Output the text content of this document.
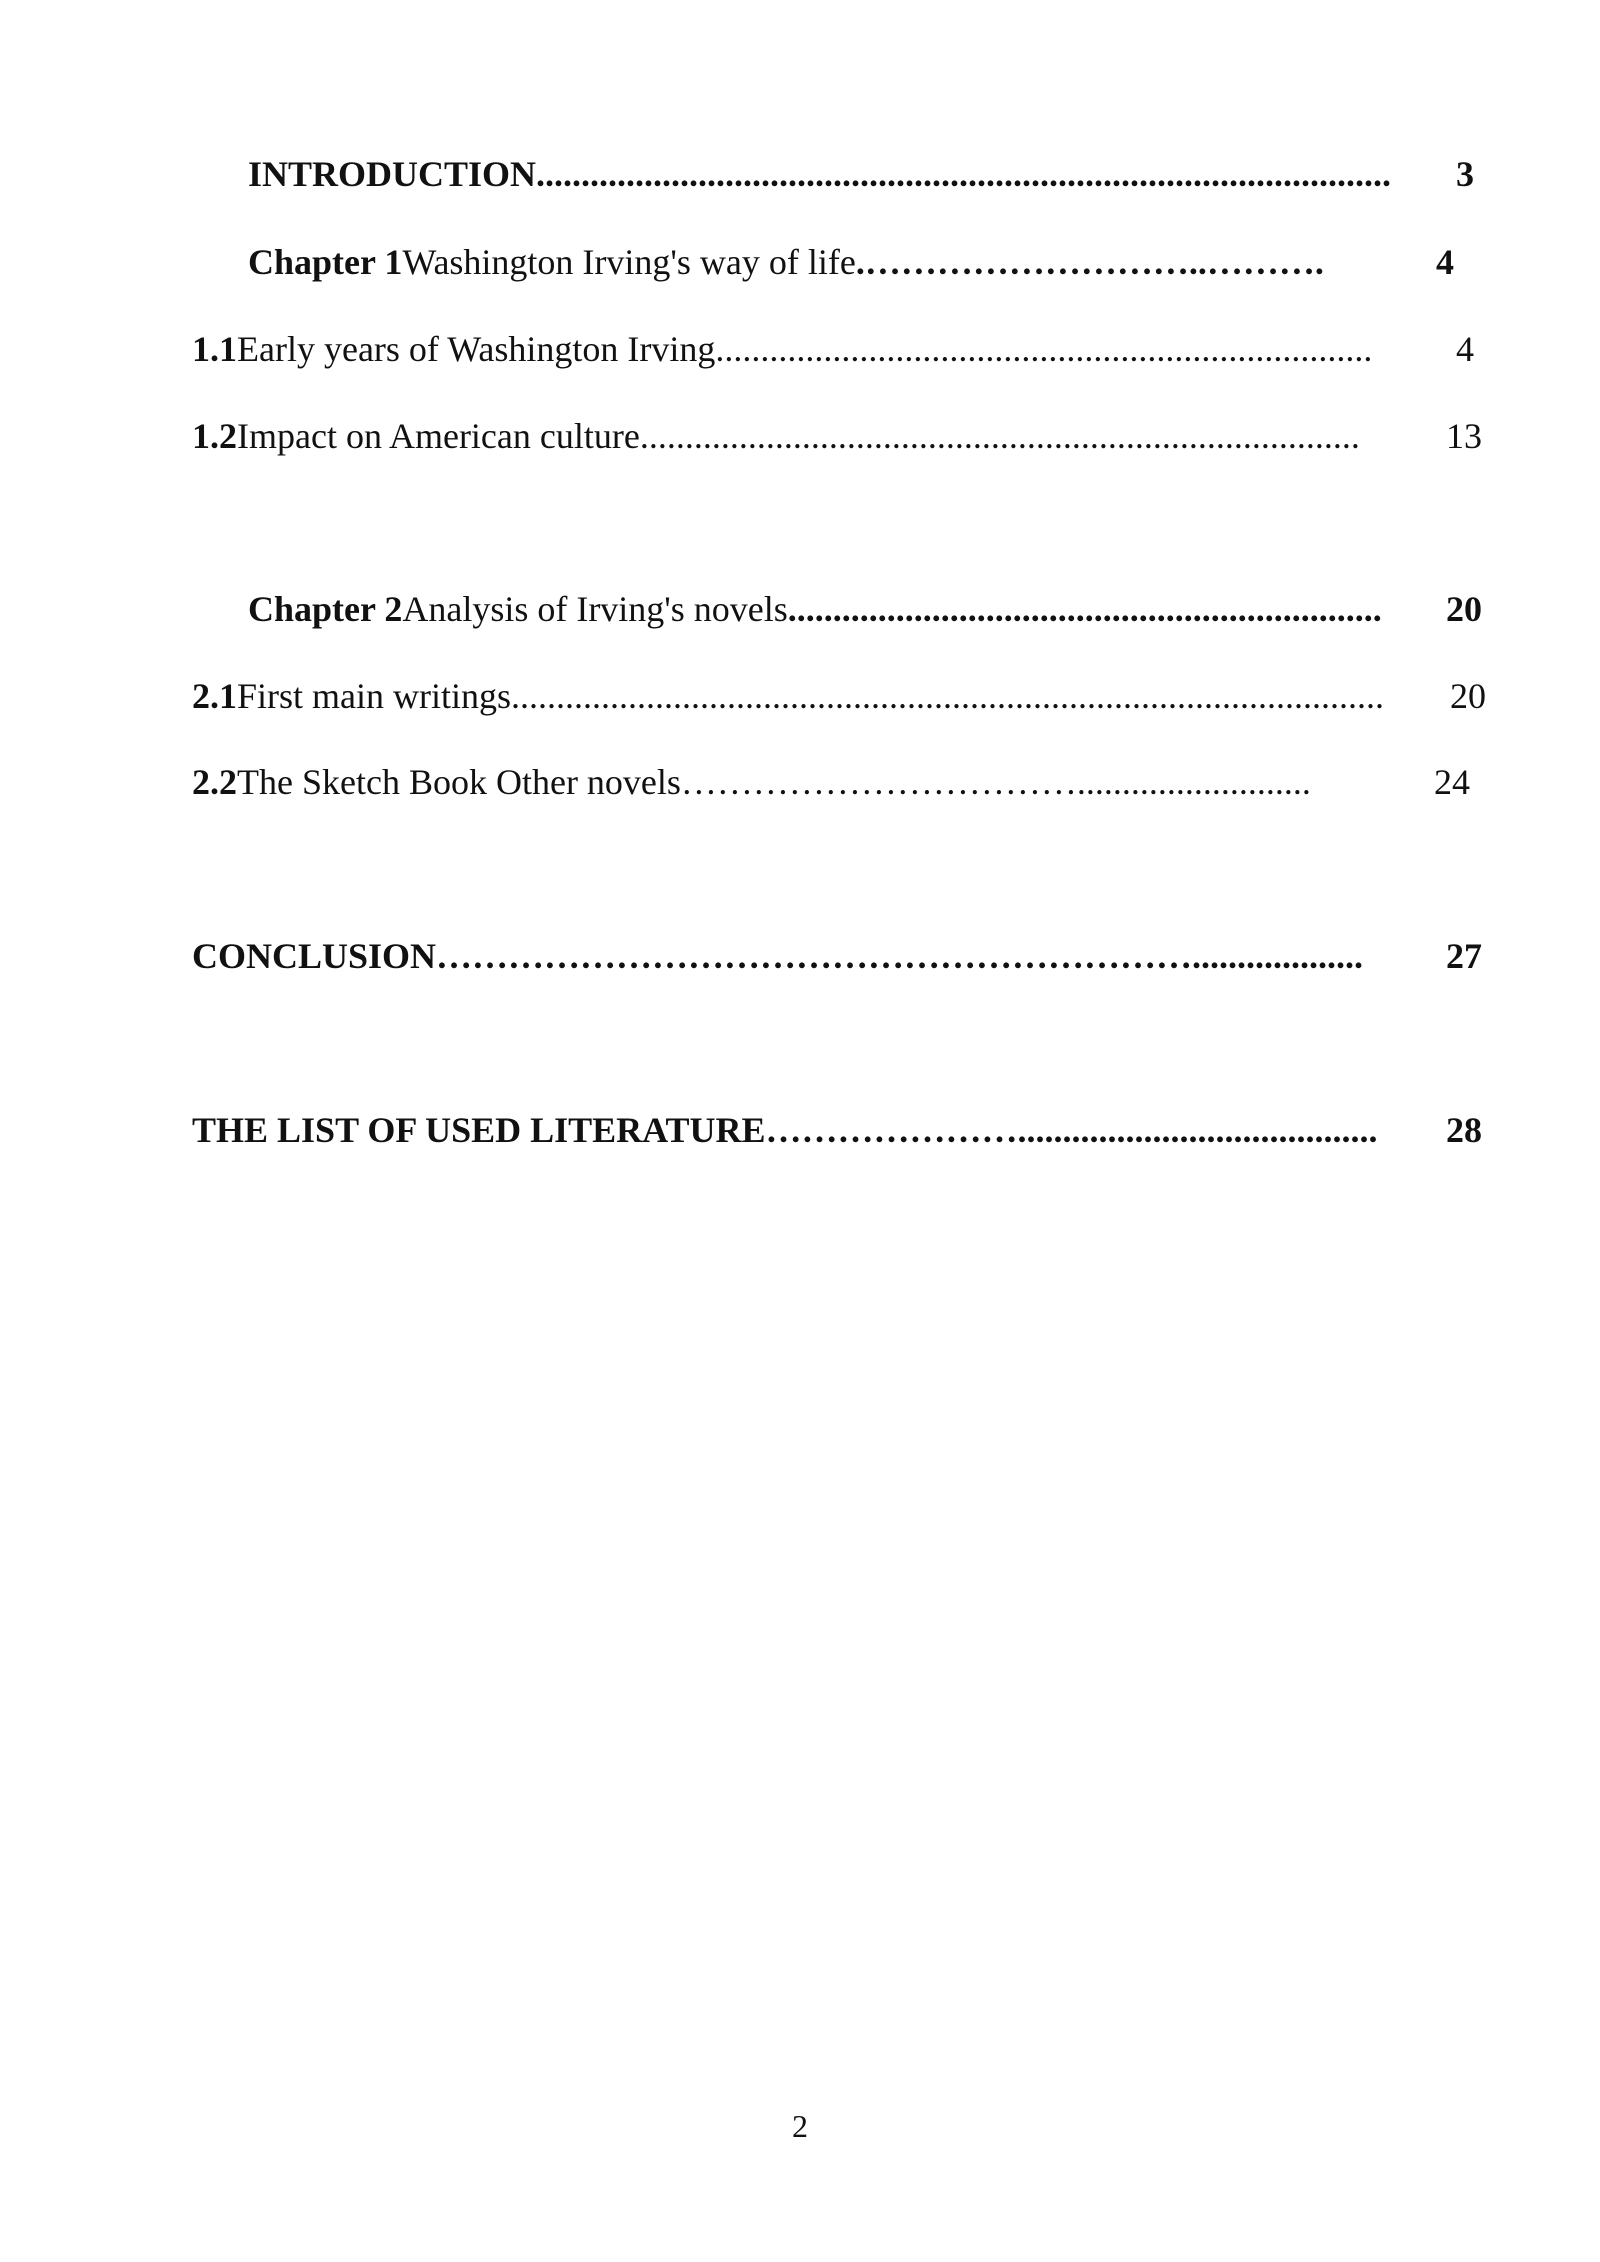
INTRODUCTION ...............................................................................................	3
Chapter 1 Washington Irving's way of life .………………………..……….	4
1.1 Early years of Washington Irving .........................................................................	4
1.2 Impact on American culture ................................................................................	13
Chapter 2 Analysis of Irving's novels ..................................................................	20
2.1 First main writings .................................................................................................	20
2.2 The Sketch Book Other novels ……………………………..........................	24
CONCLUSION ………………………………………………………...................	27
THE LIST OF USED LITERATURE …………………........................................	28
2
